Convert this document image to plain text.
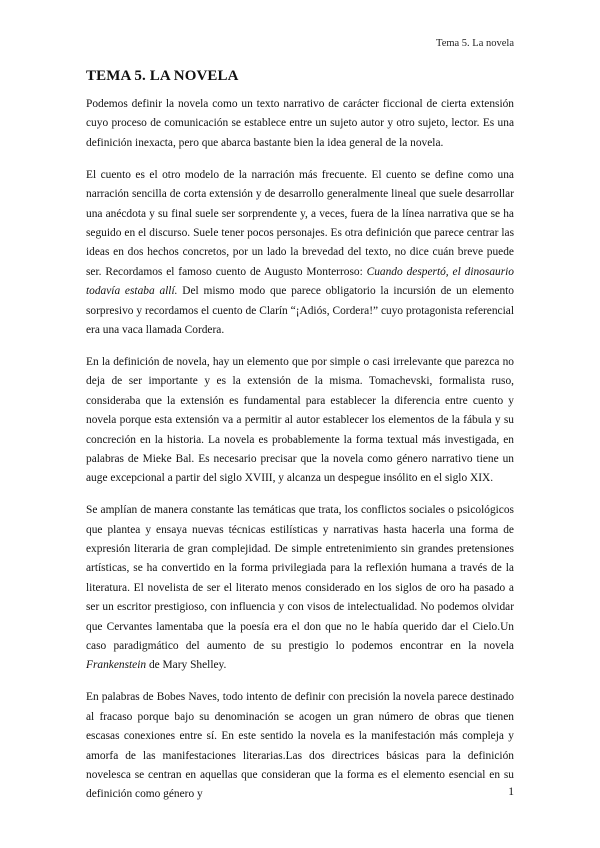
Tema 5. La novela
TEMA 5. LA NOVELA

Podemos definir la novela como un texto narrativo de carácter ficcional de cierta extensión cuyo proceso de comunicación se establece entre un sujeto autor y otro sujeto, lector. Es una definición inexacta, pero que abarca bastante bien la idea general de la novela.

El cuento es el otro modelo de la narración más frecuente. El cuento se define como una narración sencilla de corta extensión y de desarrollo generalmente lineal que suele desarrollar una anécdota y su final suele ser sorprendente y, a veces, fuera de la línea narrativa que se ha seguido en el discurso. Suele tener pocos personajes. Es otra definición que parece centrar las ideas en dos hechos concretos, por un lado la brevedad del texto, no dice cuán breve puede ser. Recordamos el famoso cuento de Augusto Monterroso: Cuando despertó, el dinosaurio todavía estaba allí. Del mismo modo que parece obligatorio la incursión de un elemento sorpresivo y recordamos el cuento de Clarín “¡Adiós, Cordera!” cuyo protagonista referencial era una vaca llamada Cordera.

En la definición de novela, hay un elemento que por simple o casi irrelevante que parezca no deja de ser importante y es la extensión de la misma. Tomachevski, formalista ruso, consideraba que la extensión es fundamental para establecer la diferencia entre cuento y novela porque esta extensión va a permitir al autor establecer los elementos de la fábula y su concreción en la historia. La novela es probablemente la forma textual más investigada, en palabras de Mieke Bal. Es necesario precisar que la novela como género narrativo tiene un auge excepcional a partir del siglo XVIII, y alcanza un despegue insólito en el siglo XIX.

Se amplían de manera constante las temáticas que trata, los conflictos sociales o psicológicos que plantea y ensaya nuevas técnicas estilísticas y narrativas hasta hacerla una forma de expresión literaria de gran complejidad. De simple entretenimiento sin grandes pretensiones artísticas, se ha convertido en la forma privilegiada para la reflexión humana a través de la literatura. El novelista de ser el literato menos considerado en los siglos de oro ha pasado a ser un escritor prestigioso, con influencia y con visos de intelectualidad. No podemos olvidar que Cervantes lamentaba que la poesía era el don que no le había querido dar el Cielo.Un caso paradigmático del aumento de su prestigio lo podemos encontrar en la novela Frankenstein de Mary Shelley.

En palabras de Bobes Naves, todo intento de definir con precisión la novela parece destinado al fracaso porque bajo su denominación se acogen un gran número de obras que tienen escasas conexiones entre sí. En este sentido la novela es la manifestación más compleja y amorfa de las manifestaciones literarias.Las dos directrices básicas para la definición novelesca se centran en aquellas que consideran que la forma es el elemento esencial en su definición como género y	1
